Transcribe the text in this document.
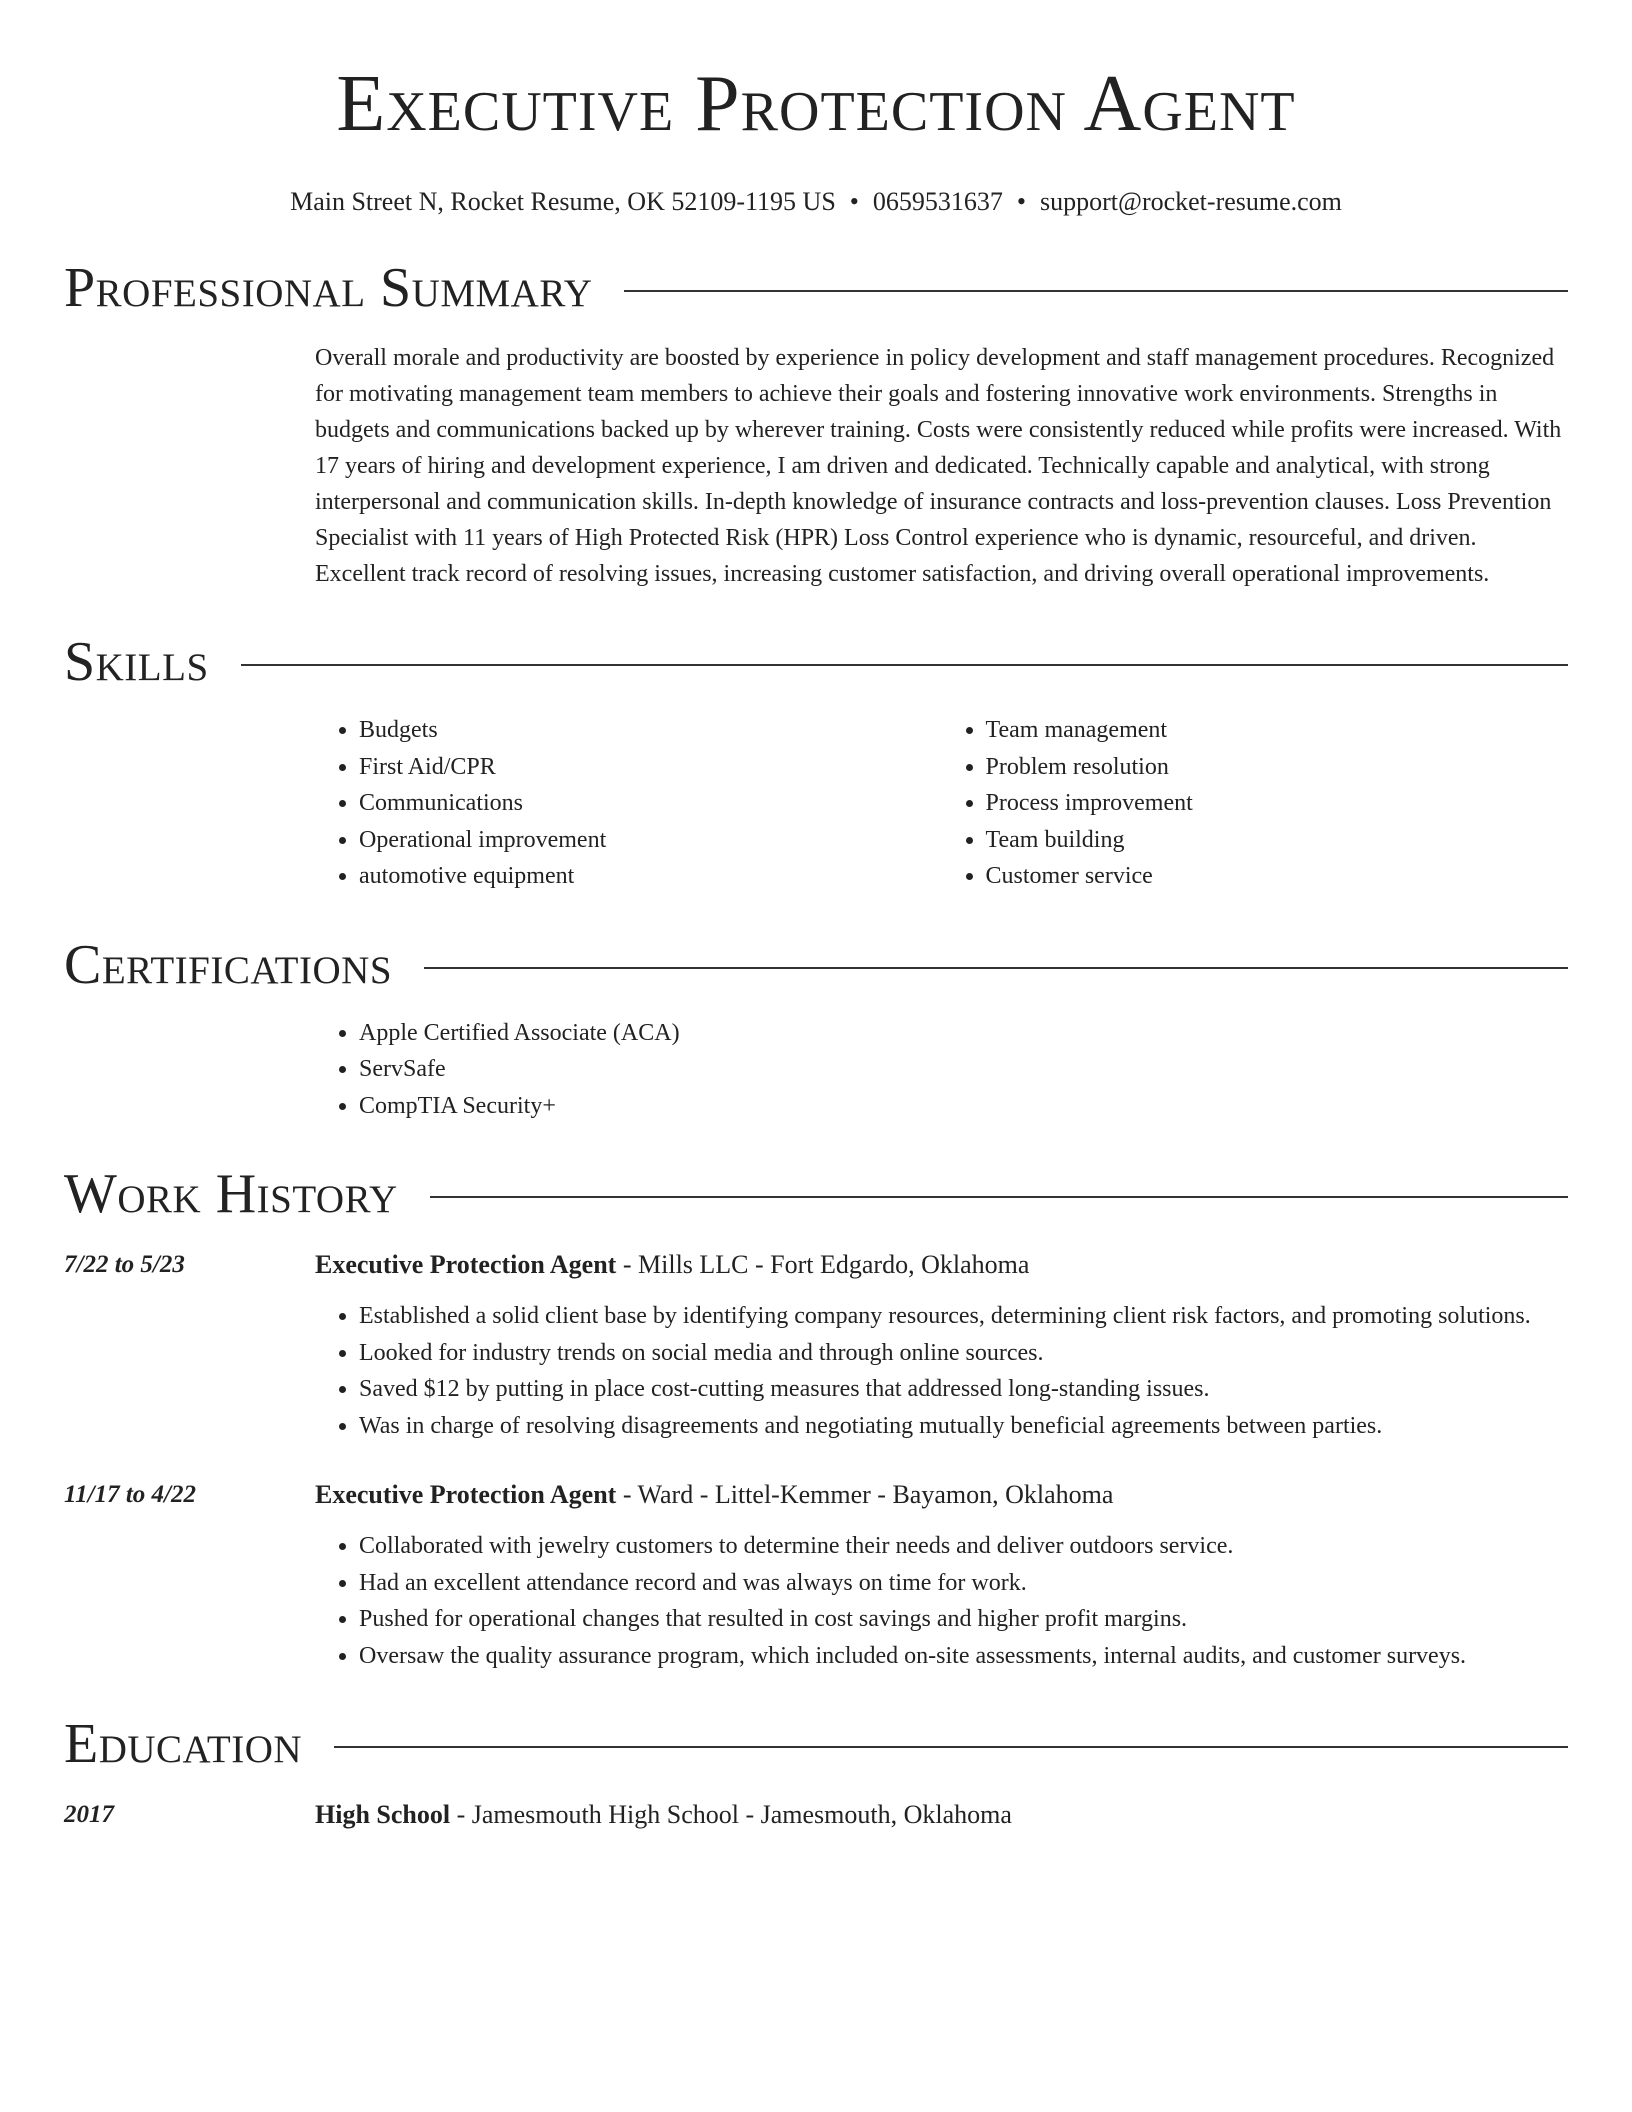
Executive Protection Agent
Main Street N, Rocket Resume, OK 52109-1195 US • 0659531637 • support@rocket-resume.com
Professional Summary
Overall morale and productivity are boosted by experience in policy development and staff management procedures. Recognized for motivating management team members to achieve their goals and fostering innovative work environments. Strengths in budgets and communications backed up by wherever training. Costs were consistently reduced while profits were increased. With 17 years of hiring and development experience, I am driven and dedicated. Technically capable and analytical, with strong interpersonal and communication skills. In-depth knowledge of insurance contracts and loss-prevention clauses. Loss Prevention Specialist with 11 years of High Protected Risk (HPR) Loss Control experience who is dynamic, resourceful, and driven. Excellent track record of resolving issues, increasing customer satisfaction, and driving overall operational improvements.
Skills
• Budgets
• First Aid/CPR
• Communications
• Operational improvement
• automotive equipment
• Team management
• Problem resolution
• Process improvement
• Team building
• Customer service
Certifications
• Apple Certified Associate (ACA)
• ServSafe
• CompTIA Security+
Work History
7/22 to 5/23	Executive Protection Agent - Mills LLC - Fort Edgardo, Oklahoma
• Established a solid client base by identifying company resources, determining client risk factors, and promoting solutions.
• Looked for industry trends on social media and through online sources.
• Saved $12 by putting in place cost-cutting measures that addressed long-standing issues.
• Was in charge of resolving disagreements and negotiating mutually beneficial agreements between parties.
11/17 to 4/22	Executive Protection Agent - Ward - Littel-Kemmer - Bayamon, Oklahoma
• Collaborated with jewelry customers to determine their needs and deliver outdoors service.
• Had an excellent attendance record and was always on time for work.
• Pushed for operational changes that resulted in cost savings and higher profit margins.
• Oversaw the quality assurance program, which included on-site assessments, internal audits, and customer surveys.
Education
2017	High School - Jamesmouth High School - Jamesmouth, Oklahoma
